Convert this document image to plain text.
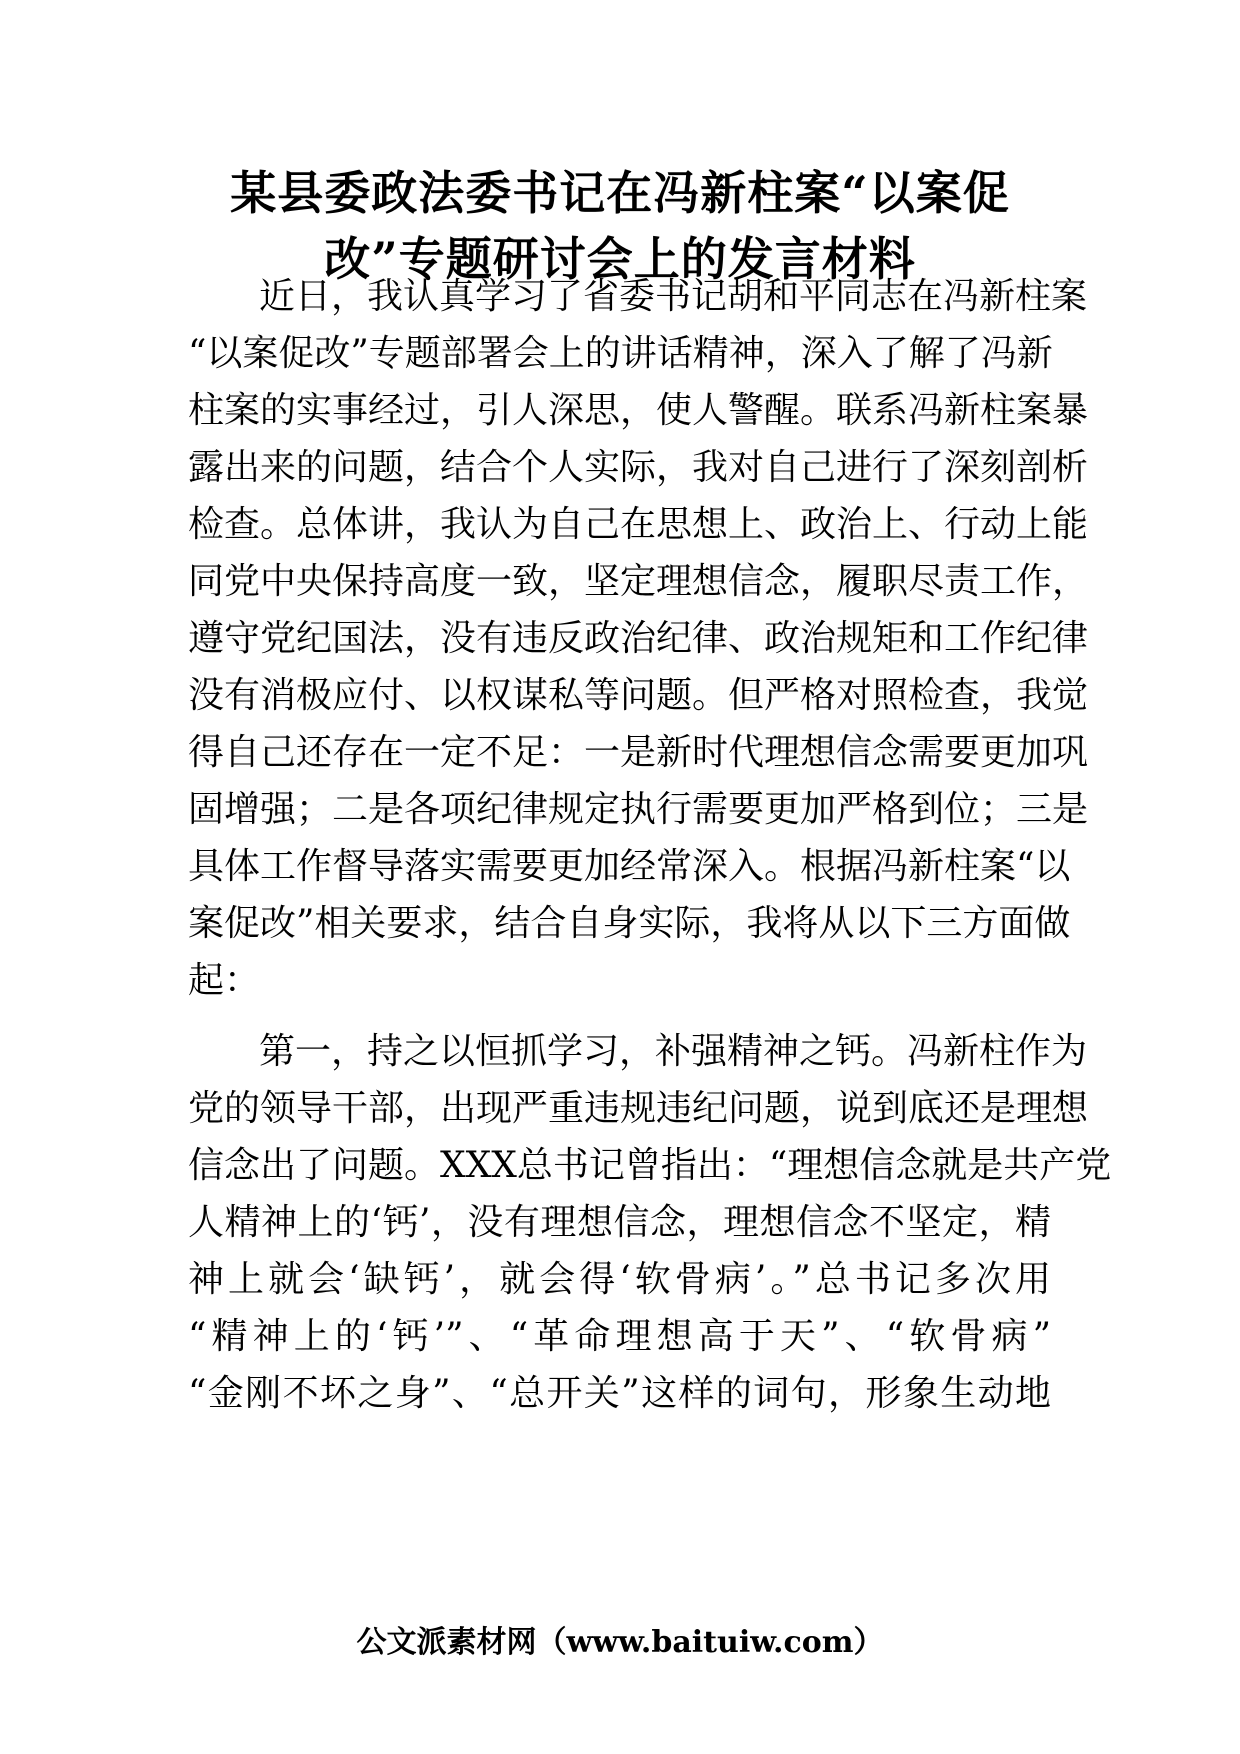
某县委政法委书记在冯新柱案“以案促
改”专题研讨会上的发言材料

近日，我认真学习了省委书记胡和平同志在冯新柱案

“以案促改”专题部署会上的讲话精神，深入了解了冯新

柱案的实事经过，引人深思，使人警醒。联系冯新柱案暴

露出来的问题，结合个人实际，我对自己进行了深刻剖析

检查。总体讲，我认为自己在思想上、政治上、行动上能

同党中央保持高度一致，坚定理想信念，履职尽责工作，

遵守党纪国法，没有违反政治纪律、政治规矩和工作纪律

没有消极应付、以权谋私等问题。但严格对照检查，我觉

得自己还存在一定不足：一是新时代理想信念需要更加巩

固增强；二是各项纪律规定执行需要更加严格到位；三是

具体工作督导落实需要更加经常深入。根据冯新柱案“以

案促改”相关要求，结合自身实际，我将从以下三方面做

起：

第一，持之以恒抓学习，补强精神之钙。冯新柱作为

党的领导干部，出现严重违规违纪问题，说到底还是理想

信念出了问题。XXX总书记曾指出：“理想信念就是共产党

人精神上的‘钙’，没有理想信念，理想信念不坚定，精

神上就会‘缺钙’，就会得‘软骨病’。”总书记多次用

“精神上的‘钙’”、“革命理想高于天”、“软骨病”

“金刚不坏之身”、“总开关”这样的词句，形象生动地

公文派素材网（www.baituiw.com）
